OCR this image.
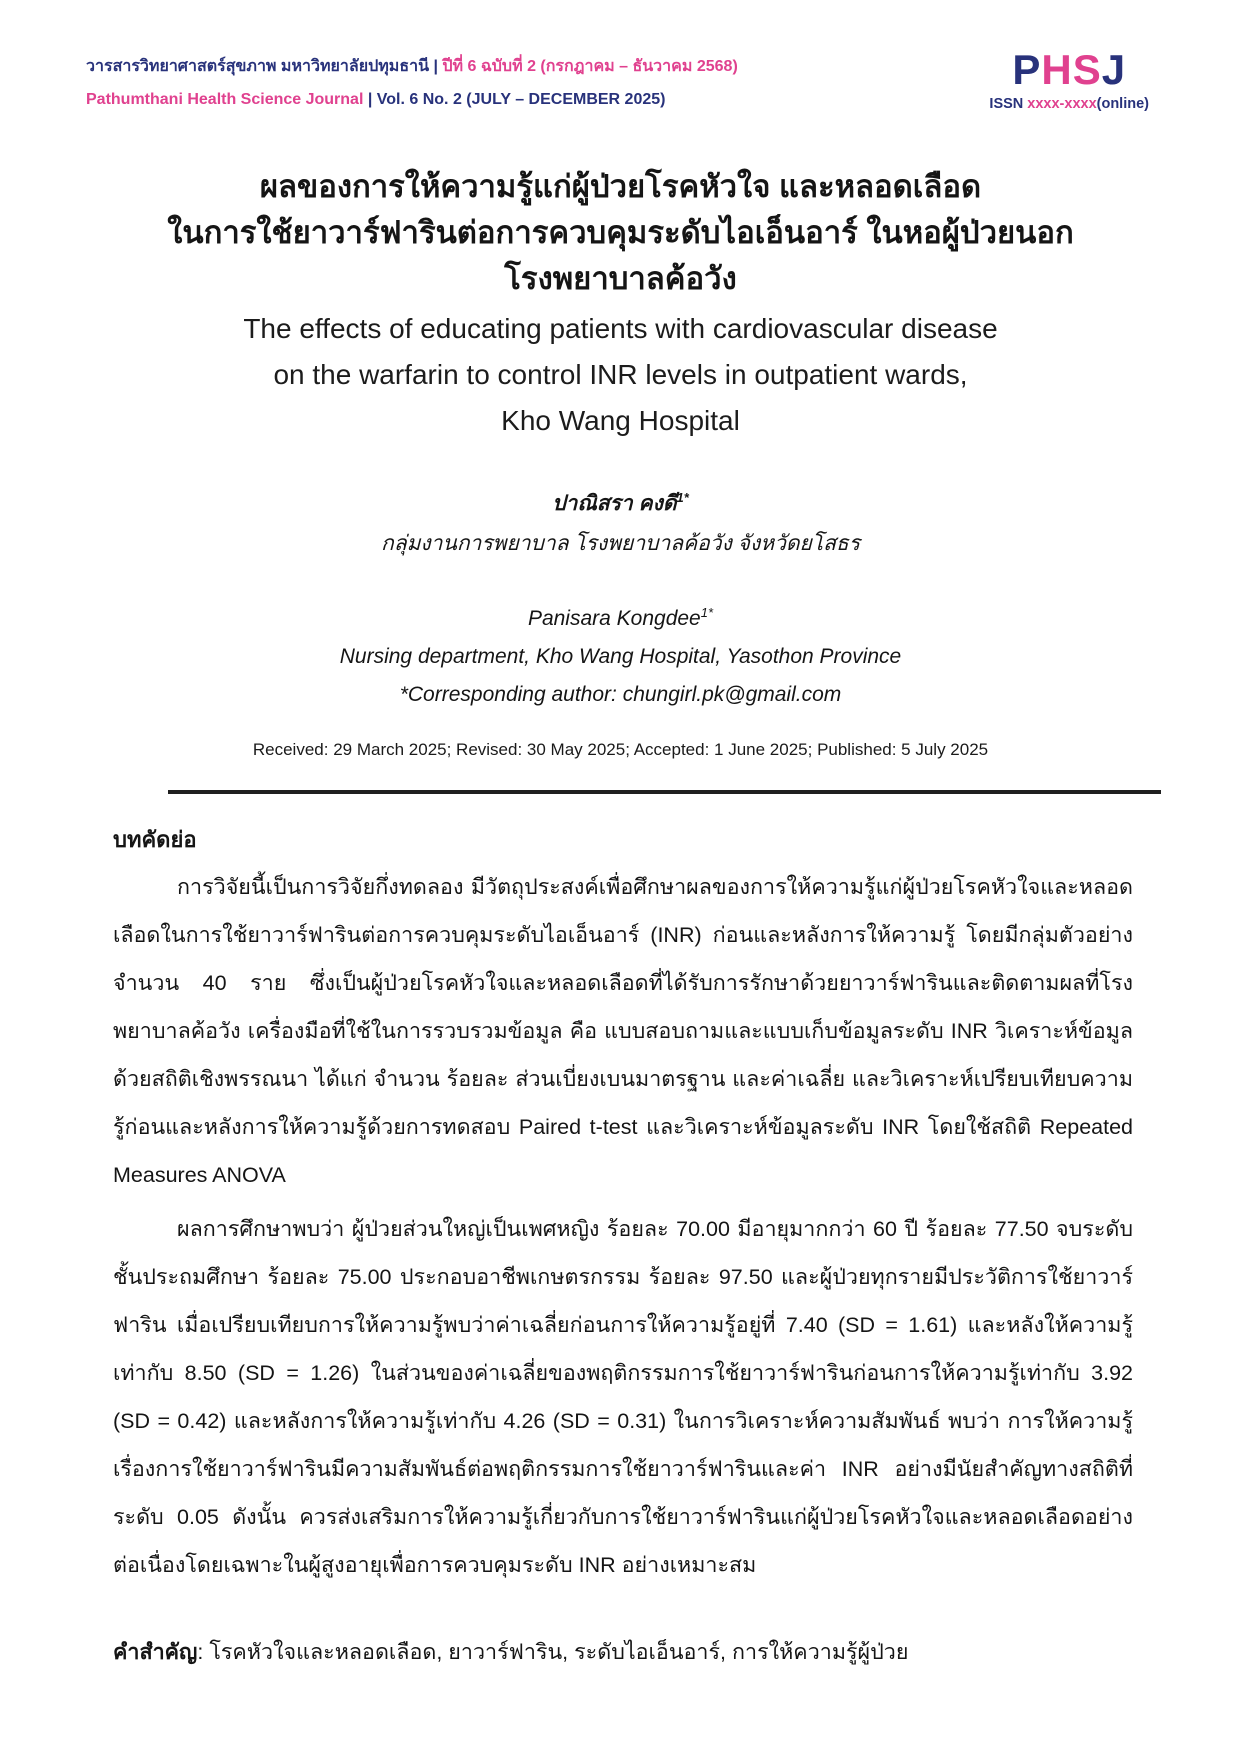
วารสารวิทยาศาสตร์สุขภาพ มหาวิทยาลัยปทุมธานี | ปีที่ 6 ฉบับที่ 2 (กรกฎาคม – ธันวาคม 2568)
Pathumthani Health Science Journal | Vol. 6 No. 2 (JULY – DECEMBER 2025)
PHSJ
ISSN xxxx-xxxx(online)
ผลของการให้ความรู้แก่ผู้ป่วยโรคหัวใจ และหลอดเลือด
ในการใช้ยาวาร์ฟารินต่อการควบคุมระดับไอเอ็นอาร์ ในหอผู้ป่วยนอก
โรงพยาบาลค้อวัง
The effects of educating patients with cardiovascular disease
on the warfarin to control INR levels in outpatient wards,
Kho Wang Hospital
ปาณิสรา คงดี$^{1*}$
กลุ่มงานการพยาบาล โรงพยาบาลค้อวัง จังหวัดยโสธร
Panisara Kongdee$^{1*}$
Nursing department, Kho Wang Hospital, Yasothon Province
*Corresponding author: chungirl.pk@gmail.com
Received: 29 March 2025; Revised: 30 May 2025; Accepted: 1 June 2025; Published: 5 July 2025
บทคัดย่อ

การวิจัยนี้เป็นการวิจัยกึ่งทดลอง มีวัตถุประสงค์เพื่อศึกษาผลของการให้ความรู้แก่ผู้ป่วยโรคหัวใจและหลอดเลือดในการใช้ยาวาร์ฟารินต่อการควบคุมระดับไอเอ็นอาร์ (INR) ก่อนและหลังการให้ความรู้ โดยมีกลุ่มตัวอย่างจำนวน 40 ราย ซึ่งเป็นผู้ป่วยโรคหัวใจและหลอดเลือดที่ได้รับการรักษาด้วยยาวาร์ฟารินและติดตามผลที่โรงพยาบาลค้อวัง เครื่องมือที่ใช้ในการรวบรวมข้อมูล คือ แบบสอบถามและแบบเก็บข้อมูลระดับ INR วิเคราะห์ข้อมูลด้วยสถิติเชิงพรรณนา ได้แก่ จำนวน ร้อยละ ส่วนเบี่ยงเบนมาตรฐาน และค่าเฉลี่ย และวิเคราะห์เปรียบเทียบความรู้ก่อนและหลังการให้ความรู้ด้วยการทดสอบ Paired t-test และวิเคราะห์ข้อมูลระดับ INR โดยใช้สถิติ Repeated Measures ANOVA

ผลการศึกษาพบว่า ผู้ป่วยส่วนใหญ่เป็นเพศหญิง ร้อยละ 70.00 มีอายุมากกว่า 60 ปี ร้อยละ 77.50 จบระดับชั้นประถมศึกษา ร้อยละ 75.00 ประกอบอาชีพเกษตรกรรม ร้อยละ 97.50 และผู้ป่วยทุกรายมีประวัติการใช้ยาวาร์ฟาริน เมื่อเปรียบเทียบการให้ความรู้พบว่าค่าเฉลี่ยก่อนการให้ความรู้อยู่ที่ 7.40 (SD = 1.61) และหลังให้ความรู้เท่ากับ 8.50 (SD = 1.26) ในส่วนของค่าเฉลี่ยของพฤติกรรมการใช้ยาวาร์ฟารินก่อนการให้ความรู้เท่ากับ 3.92 (SD = 0.42) และหลังการให้ความรู้เท่ากับ 4.26 (SD = 0.31) ในการวิเคราะห์ความสัมพันธ์ พบว่า การให้ความรู้เรื่องการใช้ยาวาร์ฟารินมีความสัมพันธ์ต่อพฤติกรรมการใช้ยาวาร์ฟารินและค่า INR อย่างมีนัยสำคัญทางสถิติที่ระดับ 0.05 ดังนั้น ควรส่งเสริมการให้ความรู้เกี่ยวกับการใช้ยาวาร์ฟารินแก่ผู้ป่วยโรคหัวใจและหลอดเลือดอย่างต่อเนื่องโดยเฉพาะในผู้สูงอายุเพื่อการควบคุมระดับ INR อย่างเหมาะสม

คำสำคัญ: โรคหัวใจและหลอดเลือด, ยาวาร์ฟาริน, ระดับไอเอ็นอาร์, การให้ความรู้ผู้ป่วย
